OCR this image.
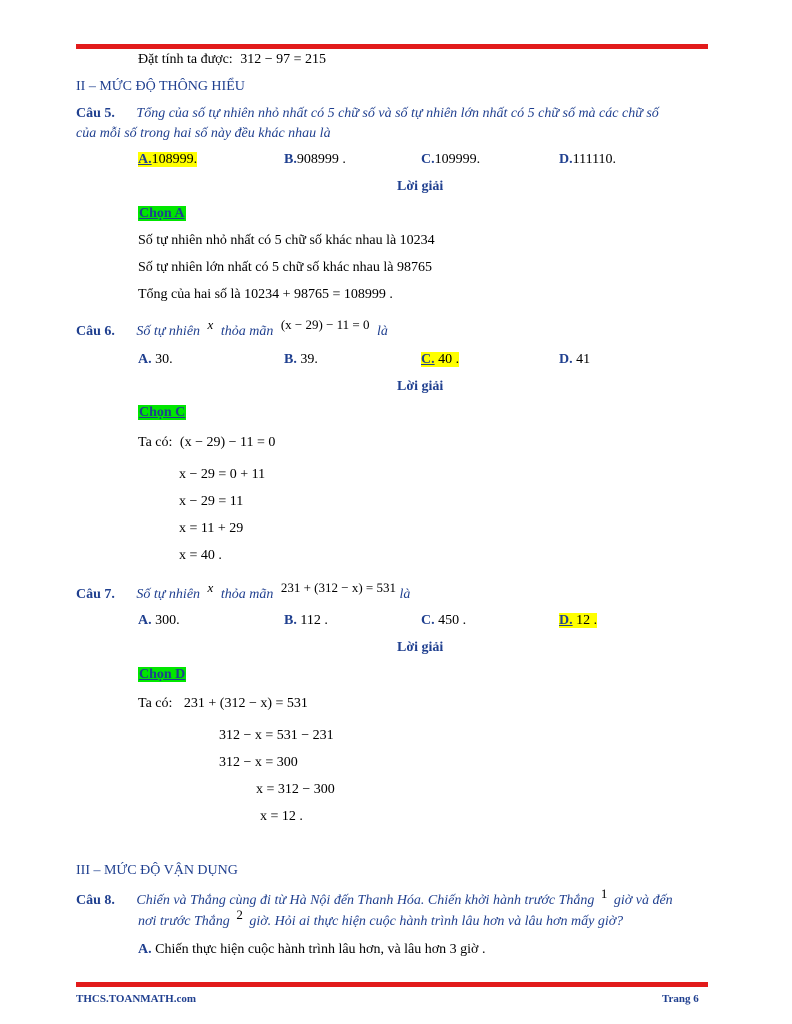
Đặt tính ta được: 312 − 97 = 215
II – MỨC ĐỘ THÔNG HIỂU
Câu 5. Tổng của số tự nhiên nhỏ nhất có 5 chữ số và số tự nhiên lớn nhất có 5 chữ số mà các chữ số
của mỗi số trong hai số này đều khác nhau là
A.108999.	B.908999 .	C.109999.	D.111110.
Lời giải
Chọn A
Số tự nhiên nhỏ nhất có 5 chữ số khác nhau là 10234
Số tự nhiên lớn nhất có 5 chữ số khác nhau là 98765
Tổng của hai số là 10234 + 98765 = 108999 .
Câu 6. Số tự nhiên x thỏa mãn (x − 29) − 11 = 0 là
A. 30.	B. 39.	C. 40 .	D. 41
Lời giải
Chọn C
Ta có: (x − 29) − 11 = 0
x − 29 = 0 + 11
x − 29 = 11
x = 11 + 29
x = 40 .
Câu 7. Số tự nhiên x thỏa mãn 231 + (312 − x) = 531 là
A. 300.	B. 112 .	C. 450 .	D. 12 .
Lời giải
Chọn D
Ta có: 231 + (312 − x) = 531
312 − x = 531 − 231
312 − x = 300
x = 312 − 300
x = 12 .
III – MỨC ĐỘ VẬN DỤNG
Câu 8. Chiến và Thắng cùng đi từ Hà Nội đến Thanh Hóa. Chiến khởi hành trước Thắng 1 giờ và đến
nơi trước Thắng 2 giờ. Hỏi ai thực hiện cuộc hành trình lâu hơn và lâu hơn mấy giờ?
A. Chiến thực hiện cuộc hành trình lâu hơn, và lâu hơn 3 giờ .
THCS.TOANMATH.com	Trang 6
